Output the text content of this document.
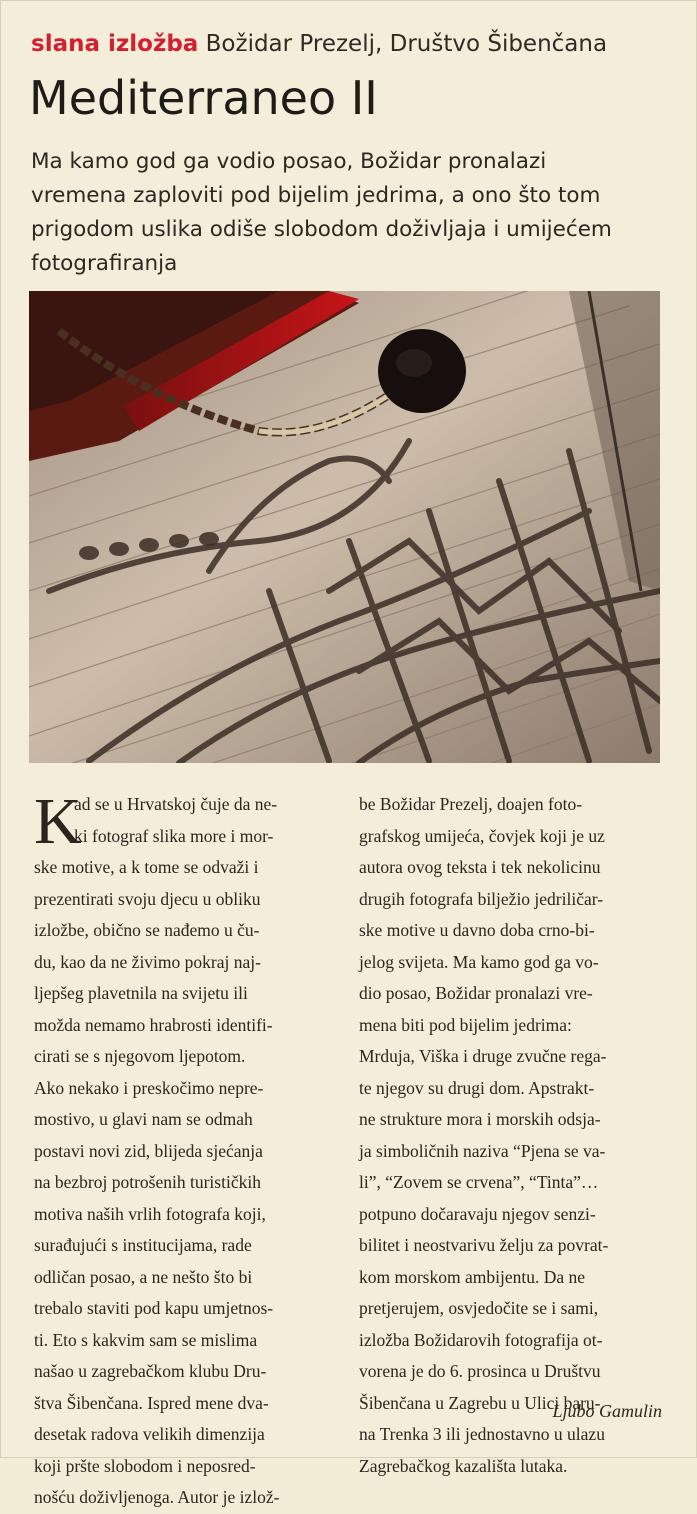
slana izložba Božidar Prezelj, Društvo Šibenčana
Mediterraneo II
Ma kamo god ga vodio posao, Božidar pronalazi
vremena zaploviti pod bijelim jedrima, a ono što tom
prigodom uslika odiše slobodom doživljaja i umijećem
fotografiranja
K
ad se u Hrvatskoj čuje da ne-
ki fotograf slika more i mor-
ske motive, a k tome se odvaži i
prezentirati svoju djecu u obliku
izložbe, obično se nađemo u ču-
du, kao da ne živimo pokraj naj-
ljepšeg plavetnila na svijetu ili
možda nemamo hrabrosti identifi-
cirati se s njegovom ljepotom.
Ako nekako i preskočimo nepre-
mostivo, u glavi nam se odmah
postavi novi zid, blijeda sjećanja
na bezbroj potrošenih turističkih
motiva naših vrlih fotografa koji,
surađujući s institucijama, rade
odličan posao, a ne nešto što bi
trebalo staviti pod kapu umjetnos-
ti. Eto s kakvim sam se mislima
našao u zagrebačkom klubu Dru-
štva Šibenčana. Ispred mene dva-
desetak radova velikih dimenzija
koji pršte slobodom i neposred-
nošću doživljenoga. Autor je izlož-
be Božidar Prezelj, doajen foto-
grafskog umijeća, čovjek koji je uz
autora ovog teksta i tek nekolicinu
drugih fotografa bilježio jedriličar-
ske motive u davno doba crno-bi-
jelog svijeta. Ma kamo god ga vo-
dio posao, Božidar pronalazi vre-
mena biti pod bijelim jedrima:
Mrduja, Viška i druge zvučne rega-
te njegov su drugi dom. Apstrakt-
ne strukture mora i morskih odsja-
ja simboličnih naziva “Pjena se va-
li”, “Zovem se crvena”, “Tinta”…
potpuno dočaravaju njegov senzi-
bilitet i neostvarivu želju za povrat-
kom morskom ambijentu. Da ne
pretjerujem, osvjedočite se i sami,
izložba Božidarovih fotografija ot-
vorena je do 6. prosinca u Društvu
Šibenčana u Zagrebu u Ulici baru-
na Trenka 3 ili jednostavno u ulazu
Zagrebačkog kazališta lutaka.
Ljubo Gamulin
